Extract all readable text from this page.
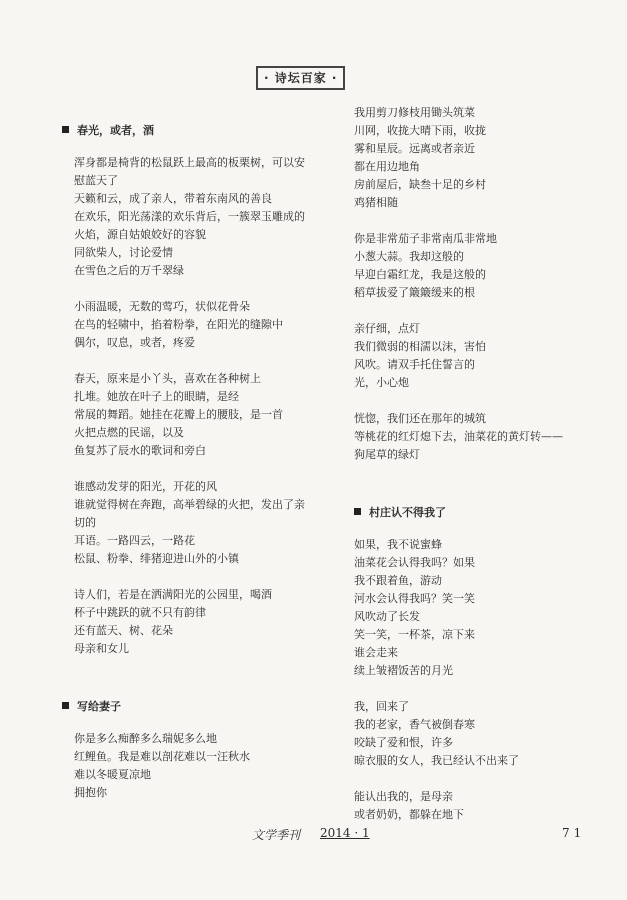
· 诗坛百家 ·
春光，或者，酒

浑身都是椅背的松鼠跃上最高的板栗树，可以安慰蓝天了

天籁和云，成了亲人，带着东南风的善良

在欢乐，阳光荡漾的欢乐背后，一簇翠玉雕成的

火焰，源自姑娘姣好的容貌

同欲柴人，讨论爱情

在雪色之后的万千翠绿

小雨温暖，无数的莺巧，状似花骨朵

在鸟的轻啸中，掐着粉拳，在阳光的缝隙中

偶尔，叹息，或者，疼爱

春天，原来是小丫头，喜欢在各种树上

扎堆。她放在叶子上的眼睛，是经

常展的舞蹈。她挂在花瓣上的腰肢，是一首

火把点燃的民谣，以及

鱼复苏了辰水的歌词和旁白

谁感动发芽的阳光，开花的风

谁就觉得树在奔跑，高举碧绿的火把，发出了亲切的

耳语。一路四云，一路花

松鼠、粉拳、绯猪迎进山外的小镇

诗人们，若是在洒满阳光的公园里，喝酒

杯子中跳跃的就不只有韵律

还有蓝天、树、花朵

母亲和女儿

写给妻子

你是多么痴醉多么瑞妮多么地

红鲤鱼。我是难以剖花难以一汪秋水

难以冬暖夏凉地

拥抱你

我用剪刀修枝用锄头筑菜

川网，收拢大晴下雨，收拢

雾和星辰。远离或者亲近

都在用边地角

房前屋后，缺叁十足的乡村

鸡猪相随

你是非常茄子非常南瓜非常地

小葱大蒜。我却这般的

早迎白霜红龙，我是这般的

稻草拔爱了簸簸缓来的根

亲仔细，点灯

我们微弱的相濡以沫，害怕

风吹。请双手托住誓言的

光，小心炮

恍惚，我们还在那年的城筑

等桃花的红灯熄下去，油菜花的黄灯转——

狗尾草的绿灯

村庄认不得我了

如果，我不说蜜蜂

油菜花会认得我吗？如果

我不跟着鱼，游动

河水会认得我吗？笑一笑

风吹动了长发

笑一笑，一杯茶，凉下来

谁会走来

续上皱褶饭苦的月光

我，回来了

我的老家，香气被倒春寒

咬缺了爱和恨，许多

晾衣服的女人，我已经认不出来了

能认出我的，是母亲

或者奶奶，都躲在地下

文学季刊 2014 · 1	71
